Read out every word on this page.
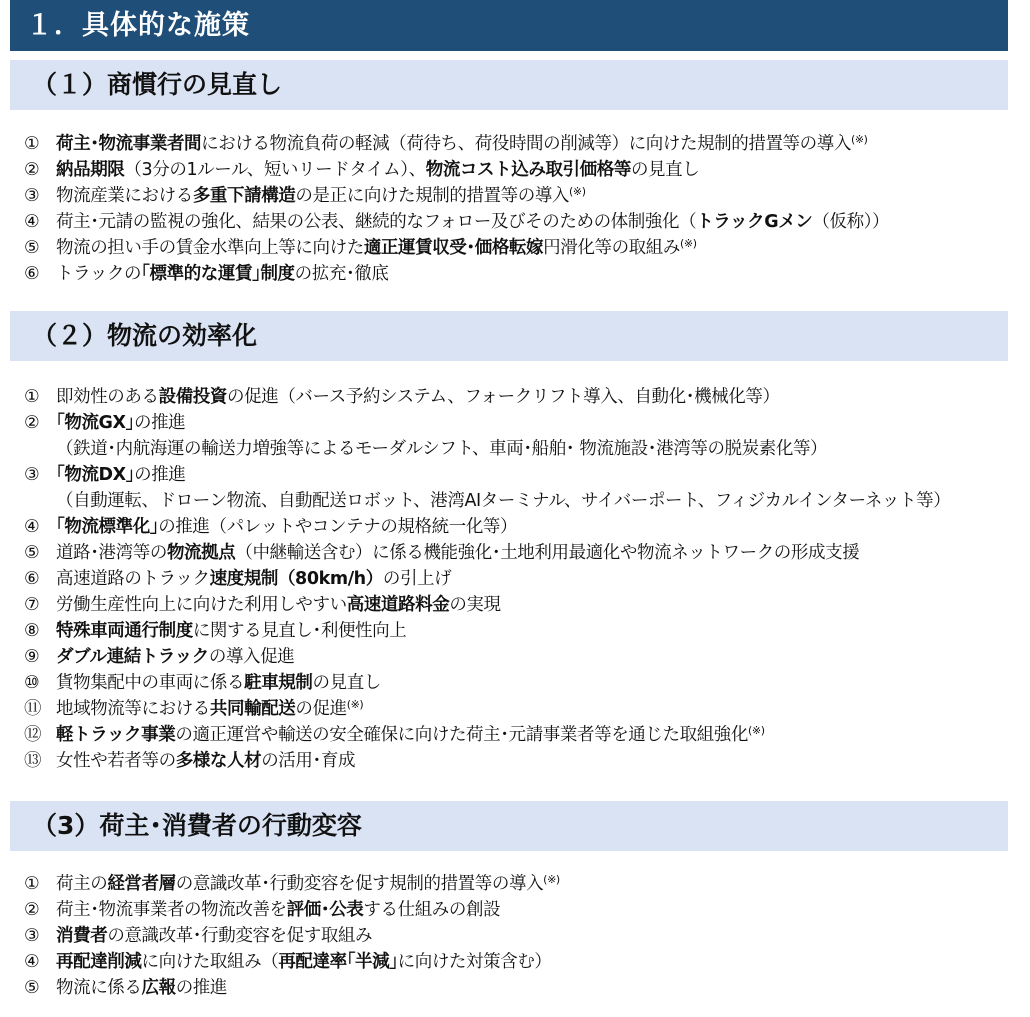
１．具体的な施策
（１）商慣行の見直し
① 荷主･物流事業者間における物流負荷の軽減（荷待ち、荷役時間の削減等）に向けた規制的措置等の導入(※)
② 納品期限（3分の1ルール、短いリードタイム）、物流コスト込み取引価格等の見直し
③ 物流産業における多重下請構造の是正に向けた規制的措置等の導入(※)
④ 荷主･元請の監視の強化、結果の公表、継続的なフォロー及びそのための体制強化（トラックGメン（仮称））
⑤ 物流の担い手の賃金水準向上等に向けた適正運賃収受･価格転嫁円滑化等の取組み(※)
⑥ トラックの｢標準的な運賃｣制度の拡充･徹底
（２）物流の効率化
① 即効性のある設備投資の促進（バース予約システム、フォークリフト導入、自動化･機械化等）
② ｢物流GX｣の推進
（鉄道･内航海運の輸送力増強等によるモーダルシフト、車両･船舶･ 物流施設･港湾等の脱炭素化等）
③ ｢物流DX｣の推進
（自動運転、ドローン物流、自動配送ロボット、港湾AIターミナル、サイバーポート、フィジカルインターネット等）
④ ｢物流標準化｣の推進（パレットやコンテナの規格統一化等）
⑤ 道路･港湾等の物流拠点（中継輸送含む）に係る機能強化･土地利用最適化や物流ネットワークの形成支援
⑥ 高速道路のトラック速度規制（80km/h）の引上げ
⑦ 労働生産性向上に向けた利用しやすい高速道路料金の実現
⑧ 特殊車両通行制度に関する見直し･利便性向上
⑨ ダブル連結トラックの導入促進
⑩ 貨物集配中の車両に係る駐車規制の見直し
⑪ 地域物流等における共同輸配送の促進(※)
⑫ 軽トラック事業の適正運営や輸送の安全確保に向けた荷主･元請事業者等を通じた取組強化(※)
⑬ 女性や若者等の多様な人材の活用･育成
（3）荷主･消費者の行動変容
① 荷主の経営者層の意識改革･行動変容を促す規制的措置等の導入(※)
② 荷主･物流事業者の物流改善を評価･公表する仕組みの創設
③ 消費者の意識改革･行動変容を促す取組み
④ 再配達削減に向けた取組み（再配達率｢半減｣に向けた対策含む）
⑤ 物流に係る広報の推進
